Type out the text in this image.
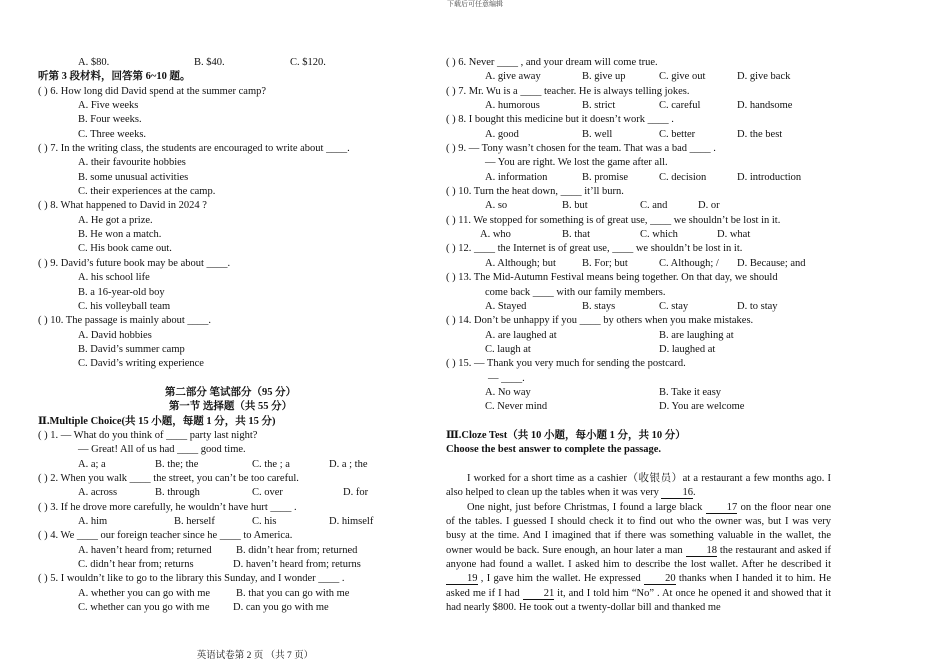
下载后可任意编辑
A. $80.	B. $40.	C. $120.
听第 3 段材料，回答第 6~10 题。
( ) 6. How long did David spend at the summer camp?
A. Five weeks
B. Four weeks.
C. Three weeks.
( ) 7. In the writing class, the students are encouraged to write about ____.
A. their favourite hobbies
B. some unusual activities
C. their experiences at the camp.
( ) 8. What happened to David in 2024 ?
A. He got a prize.
B. He won a match.
C. His book came out.
( ) 9. David’s future book may be about ____.
A. his school life
B. a 16-year-old boy
C. his volleyball team
( ) 10. The passage is mainly about ____.
A. David hobbies
B. David’s summer camp
C. David’s writing experience
第二部分 笔试部分（95 分）
第一节 选择题（共 55 分）
Ⅱ.Multiple Choice(共 15 小题，每题 1 分，共 15 分)
( ) 1. — What do you think of ____ party last night?
— Great! All of us had ____ good time.
A. a; a	B. the; the	C. the ; a	D. a ; the
( ) 2. When you walk ____ the street, you can’t be too careful.
A. across	B. through	C. over	D. for
( ) 3. If he drove more carefully, he wouldn’t have hurt ____ .
A. him	B. herself	C. his	D. himself
( ) 4. We ____ our foreign teacher since he ____ to America.
A. haven’t heard from; returned B. didn’t hear from; returned
C. didn’t hear from; returns	D. haven’t heard from; returns
( ) 5. I wouldn’t like to go to the library this Sunday, and I wonder ____ .
A. whether you can go with me B. that you can go with me
C. whether can you go with me D. can you go with me
( ) 6. Never ____ , and your dream will come true.
A. give away	B. give up	C. give out	D. give back
( ) 7. Mr. Wu is a ____ teacher. He is always telling jokes.
A. humorous	B. strict	C. careful	D. handsome
( ) 8. I bought this medicine but it doesn’t work ____ .
A. good	B. well	C. better	D. the best
( ) 9. — Tony wasn’t chosen for the team. That was a bad ____ .
— You are right. We lost the game after all.
A. information	B. promise	C. decision	D. introduction
( ) 10. Turn the heat down, ____ it’ll burn.
A. so	B. but	C. and	D. or
( ) 11. We stopped for something is of great use, ____ we shouldn’t be lost in it.
A. who	B. that	C. which	D. what
( ) 12. ____ the Internet is of great use, ____ we shouldn’t be lost in it.
A. Although; but B. For; but	C. Although; / D. Because; and
( ) 13. The Mid-Autumn Festival means being together. On that day, we should
come back ____ with our family members.
A. Stayed	B. stays	C. stay	D. to stay
( ) 14. Don’t be unhappy if you ____ by others when you make mistakes.
A. are laughed at	B. are laughing at
C. laugh at	D. laughed at
( ) 15. — Thank you very much for sending the postcard.
— ____.
A. No way	B. Take it easy
C. Never mind	D. You are welcome
Ⅲ.Cloze Test（共 10 小题，每小题 1 分，共 10 分）
Choose the best answer to complete the passage.

I worked for a short time as a cashier（收银员）at a restaurant a few months ago. I also helped to clean up the tables when it was very 16.

One night, just before Christmas, I found a large black 17 on the floor near one of the tables. I guessed I should check it to find out who the owner was, but I was very busy at the time. And I imagined that if there was something valuable in the wallet, the owner would be back. Sure enough, an hour later a man 18 the restaurant and asked if anyone had found a wallet. I asked him to describe the lost wallet. After he described it 19 , I gave him the wallet. He expressed 20 thanks when I handed it to him. He asked me if I had 21 it, and I told him “No” . At once he opened it and showed that it had nearly $800. He took out a twenty-dollar bill and thanked me

英语试卷第 2 页 （共 7 页）
